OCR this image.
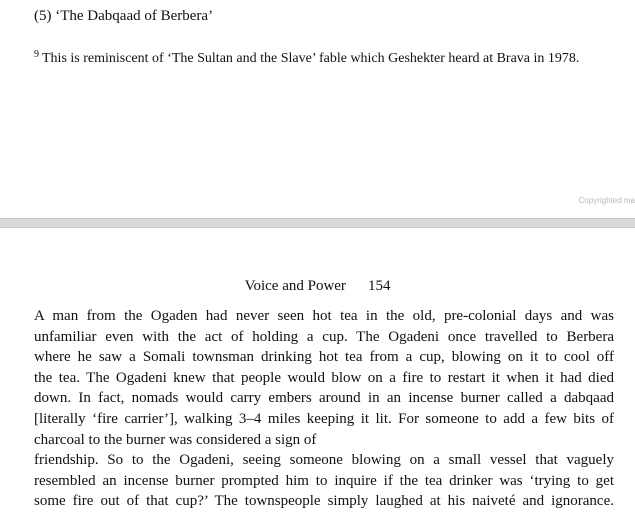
(5) ‘The Dabqaad of Berbera’
$^9$ This is reminiscent of ‘The Sultan and the Slave’ fable which Geshekter heard at Brava in 1978.
Copyrighted ma
Voice and Power 154
A man from the Ogaden had never seen hot tea in the old, pre-colonial days and was
unfamiliar even with the act of holding a cup. The Ogadeni once travelled to Berbera
where he saw a Somali townsman drinking hot tea from a cup, blowing on it to cool off
the tea. The Ogadeni knew that people would blow on a fire to restart it when it had died
down. In fact, nomads would carry embers around in an incense burner called a dabqaad
[literally ‘fire carrier’], walking 3–4 miles keeping it lit. For someone to add a few bits of
charcoal to the burner was considered a sign of
friendship. So to the Ogadeni, seeing someone blowing on a small vessel that vaguely
resembled an incense burner prompted him to inquire if the tea drinker was ‘trying to get
some fire out of that cup?’ The townspeople simply laughed at his naiveté and ignorance.
